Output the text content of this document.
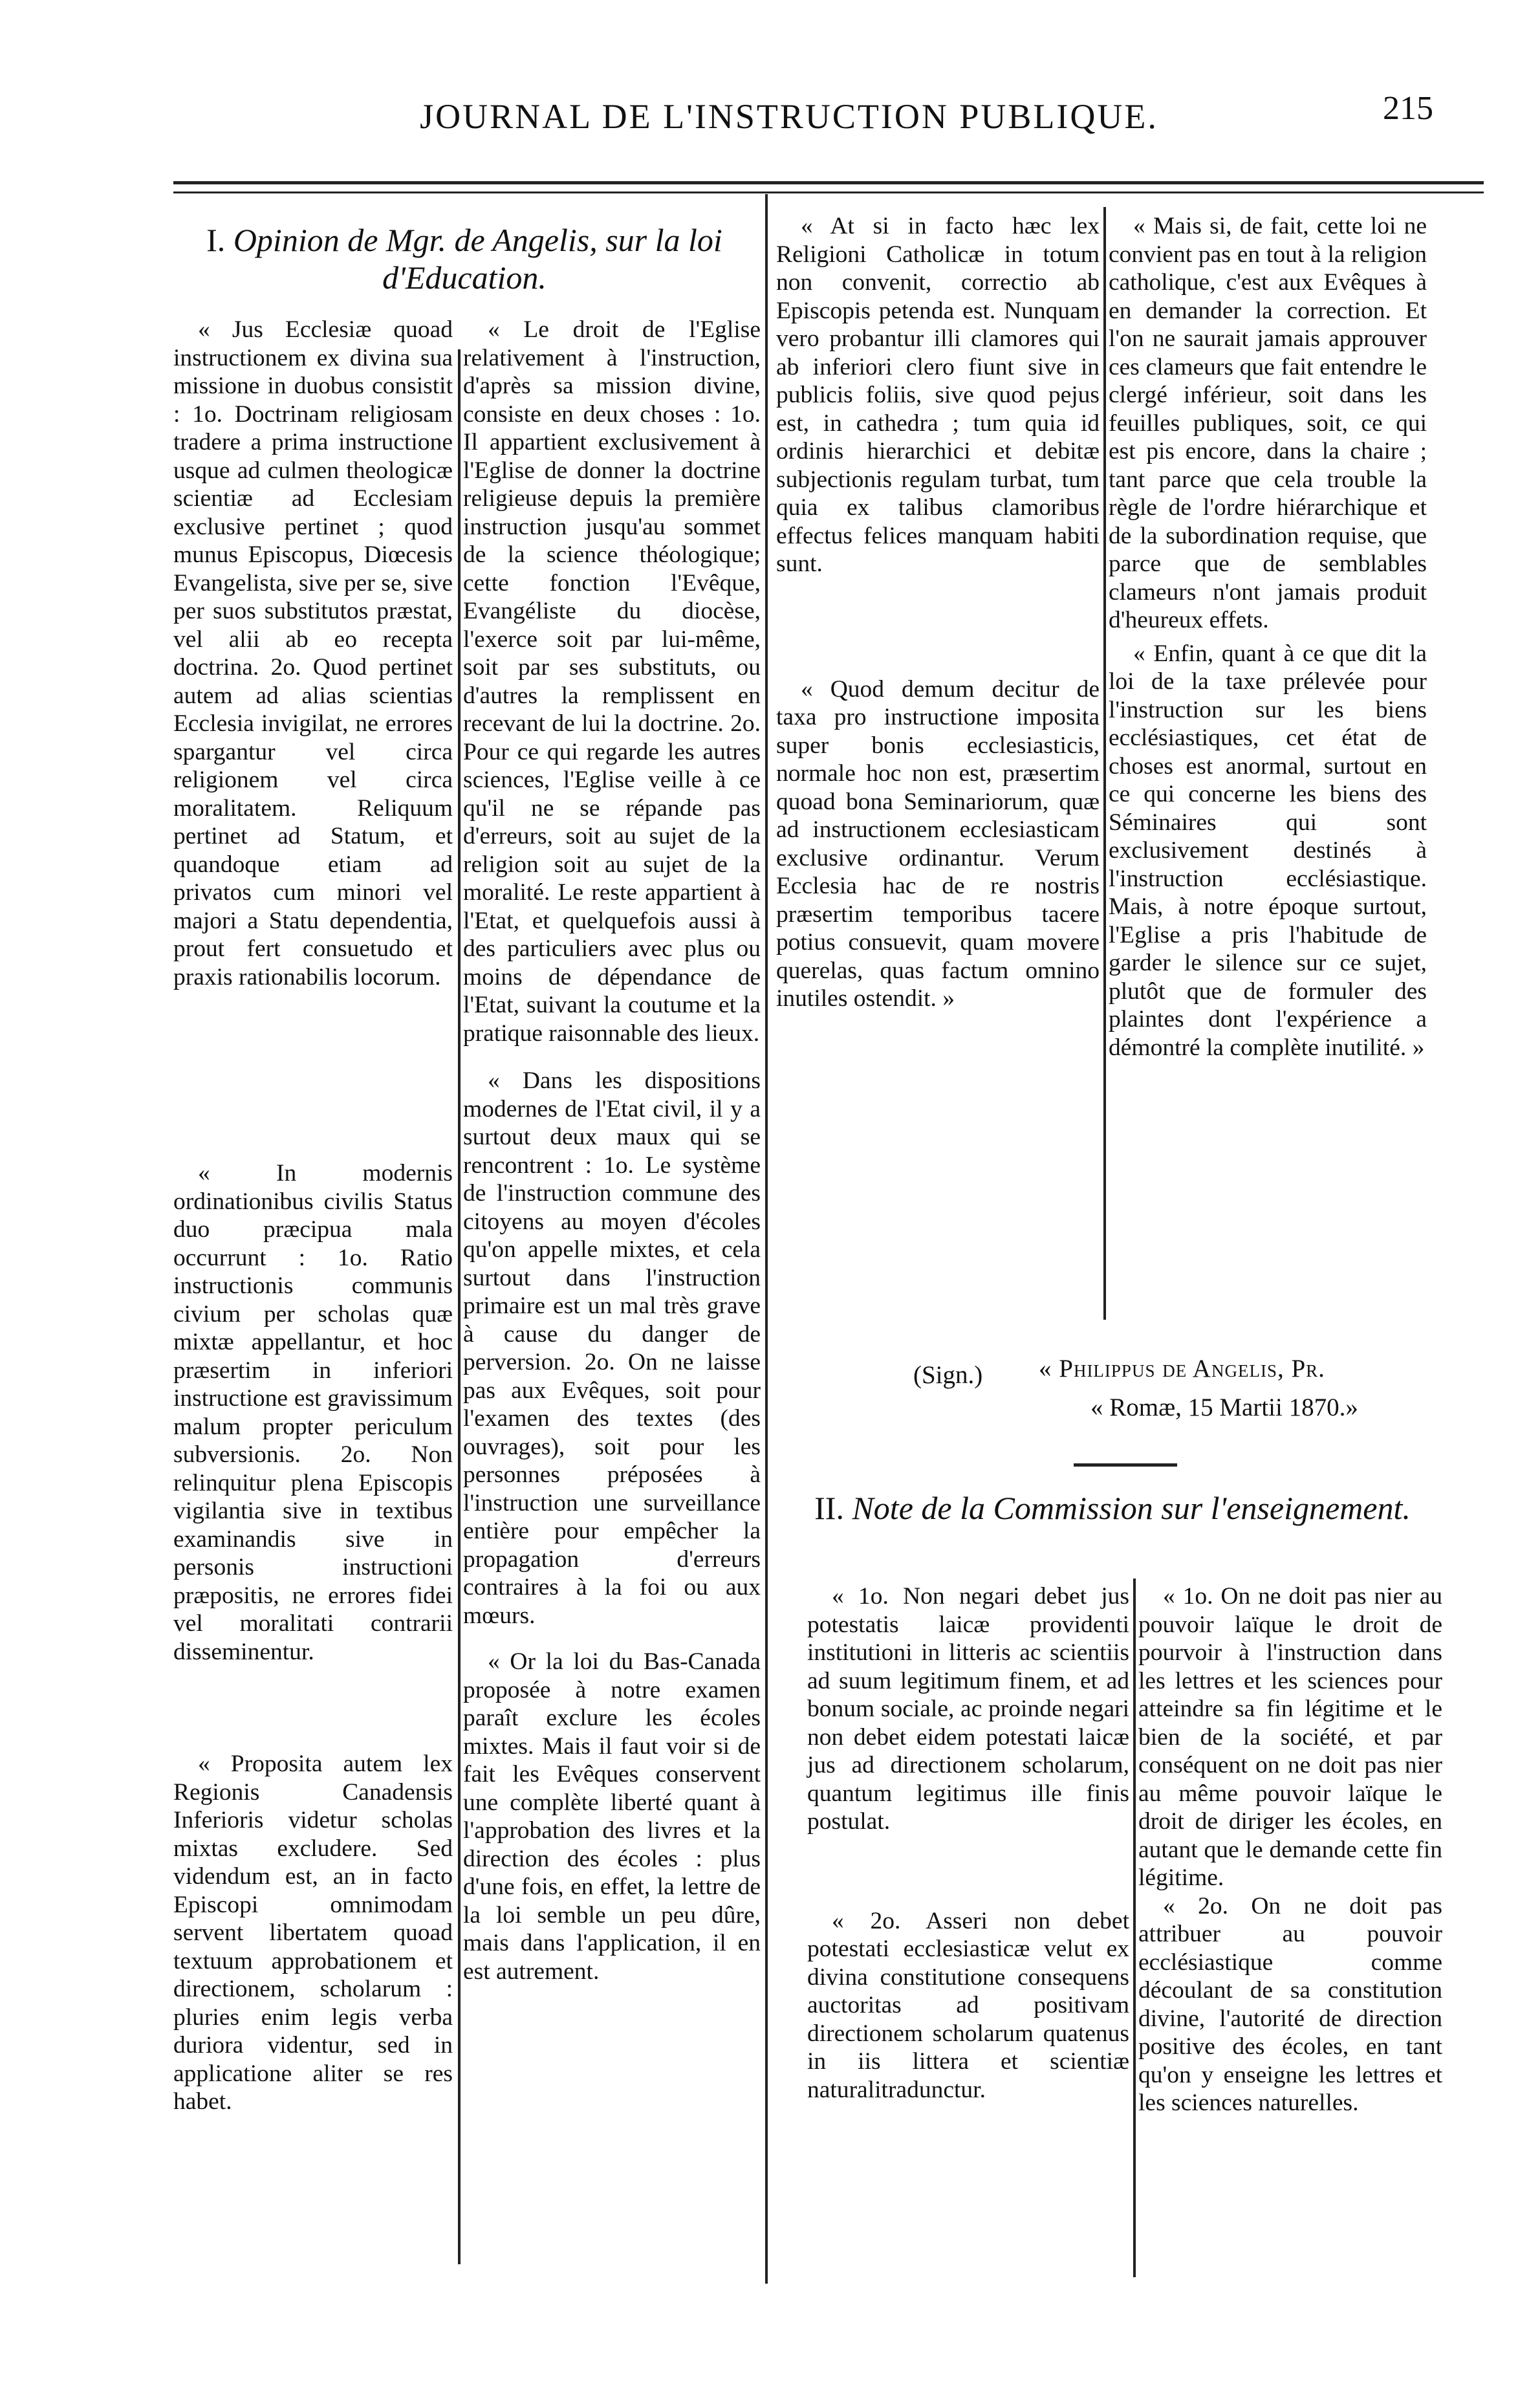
JOURNAL DE L'INSTRUCTION PUBLIQUE.	215
I. Opinion de Mgr. de Angelis, sur la loi d'Education.

« Jus Ecclesiæ quoad instructionem ex divina sua missione in duobus consistit : 1o. Doctrinam religiosam tradere a prima instructione usque ad culmen theologicæ scientiæ ad Ecclesiam exclusive pertinet ; quod munus Episcopus, Diœcesis Evangelista, sive per se, sive per suos substitutos præstat, vel alii ab eo recepta doctrina. 2o. Quod pertinet autem ad alias scientias Ecclesia invigilat, ne errores spargantur vel circa religionem vel circa moralitatem. Reliquum pertinet ad Statum, et quandoque etiam ad privatos cum minori vel majori a Statu dependentia, prout fert consuetudo et praxis rationabilis locorum.

« In modernis ordinationibus civilis Status duo præcipua mala occurrunt : 1o. Ratio instructionis communis civium per scholas quæ mixtæ appellantur, et hoc præsertim in inferiori instructione est gravissimum malum propter periculum subversionis. 2o. Non relinquitur plena Episcopis vigilantia sive in textibus examinandis sive in personis instructioni præpositis, ne errores fidei vel moralitati contrarii disseminentur.

« Proposita autem lex Regionis Canadensis Inferioris videtur scholas mixtas excludere. Sed videndum est, an in facto Episcopi omnimodam servent libertatem quoad textuum approbationem et directionem, scholarum : pluries enim legis verba duriora videntur, sed in applicatione aliter se res habet.

« Le droit de l'Eglise relativement à l'instruction, d'après sa mission divine, consiste en deux choses : 1o. Il appartient exclusivement à l'Eglise de donner la doctrine religieuse depuis la première instruction jusqu'au sommet de la science théologique; cette fonction l'Evêque, Evangéliste du diocèse, l'exerce soit par lui-même, soit par ses substituts, ou d'autres la remplissent en recevant de lui la doctrine. 2o. Pour ce qui regarde les autres sciences, l'Eglise veille à ce qu'il ne se répande pas d'erreurs, soit au sujet de la religion soit au sujet de la moralité. Le reste appartient à l'Etat, et quelquefois aussi à des particuliers avec plus ou moins de dépendance de l'Etat, suivant la coutume et la pratique raisonnable des lieux.

« Dans les dispositions modernes de l'Etat civil, il y a surtout deux maux qui se rencontrent : 1o. Le système de l'instruction commune des citoyens au moyen d'écoles qu'on appelle mixtes, et cela surtout dans l'instruction primaire est un mal très grave à cause du danger de perversion. 2o. On ne laisse pas aux Evêques, soit pour l'examen des textes (des ouvrages), soit pour les personnes préposées à l'instruction une surveillance entière pour empêcher la propagation d'erreurs contraires à la foi ou aux mœurs.

« Or la loi du Bas-Canada proposée à notre examen paraît exclure les écoles mixtes. Mais il faut voir si de fait les Evêques conservent une complète liberté quant à l'approbation des livres et la direction des écoles : plus d'une fois, en effet, la lettre de la loi semble un peu dûre, mais dans l'application, il en est autrement.

« At si in facto hæc lex Religioni Catholicæ in totum non convenit, correctio ab Episcopis petenda est. Nunquam vero probantur illi clamores qui ab inferiori clero fiunt sive in publicis foliis, sive quod pejus est, in cathedra ; tum quia id ordinis hierarchici et debitæ subjectionis regulam turbat, tum quia ex talibus clamoribus effectus felices manquam habiti sunt.

« Quod demum decitur de taxa pro instructione imposita super bonis ecclesiasticis, normale hoc non est, præsertim quoad bona Seminariorum, quæ ad instructionem ecclesiasticam exclusive ordinantur. Verum Ecclesia hac de re nostris præsertim temporibus tacere potius consuevit, quam movere querelas, quas factum omnino inutiles ostendit. »

« Mais si, de fait, cette loi ne convient pas en tout à la religion catholique, c'est aux Evêques à en demander la correction. Et l'on ne saurait jamais approuver ces clameurs que fait entendre le clergé inférieur, soit dans les feuilles publiques, soit, ce qui est pis encore, dans la chaire ; tant parce que cela trouble la règle de l'ordre hiérarchique et de la subordination requise, que parce que de semblables clameurs n'ont jamais produit d'heureux effets.

« Enfin, quant à ce que dit la loi de la taxe prélevée pour l'instruction sur les biens ecclésiastiques, cet état de choses est anormal, surtout en ce qui concerne les biens des Séminaires qui sont exclusivement destinés à l'instruction ecclésiastique. Mais, à notre époque surtout, l'Eglise a pris l'habitude de garder le silence sur ce sujet, plutôt que de formuler des plaintes dont l'expérience a démontré la complète inutilité. »

(Sign.) « Philippus de Angelis, Pr.
« Romæ, 15 Martii 1870.»
II. Note de la Commission sur l'enseignement.

« 1o. Non negari debet jus potestatis laicæ providenti institutioni in litteris ac scientiis ad suum legitimum finem, et ad bonum sociale, ac proinde negari non debet eidem potestati laicæ jus ad directionem scholarum, quantum legitimus ille finis postulat.

« 2o. Asseri non debet potestati ecclesiasticæ velut ex divina constitutione consequens auctoritas ad positivam directionem scholarum quatenus in iis littera et scientiæ naturalitradunctur.

« 1o. On ne doit pas nier au pouvoir laïque le droit de pourvoir à l'instruction dans les lettres et les sciences pour atteindre sa fin légitime et le bien de la société, et par conséquent on ne doit pas nier au même pouvoir laïque le droit de diriger les écoles, en autant que le demande cette fin légitime.

« 2o. On ne doit pas attribuer au pouvoir ecclésiastique comme découlant de sa constitution divine, l'autorité de direction positive des écoles, en tant qu'on y enseigne les lettres et les sciences naturelles.
